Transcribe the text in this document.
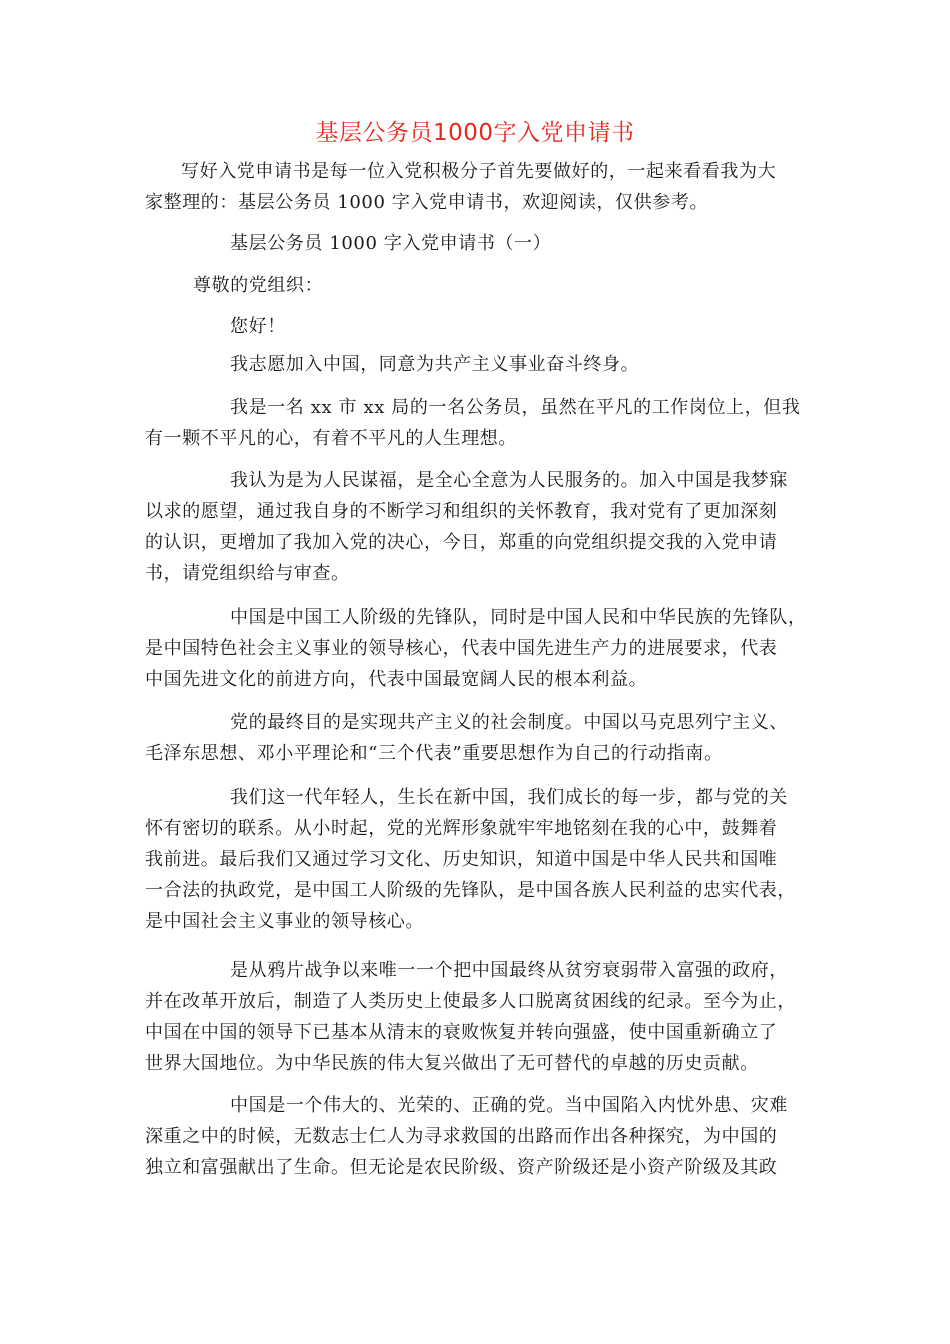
基层公务员1000字入党申请书
写好入党申请书是每一位入党积极分子首先要做好的，一起来看看我为大
家整理的：基层公务员 1000 字入党申请书，欢迎阅读，仅供参考。
基层公务员 1000 字入党申请书（一）
尊敬的党组织：
您好！
我志愿加入中国，同意为共产主义事业奋斗终身。
我是一名 xx 市 xx 局的一名公务员，虽然在平凡的工作岗位上，但我
有一颗不平凡的心，有着不平凡的人生理想。
我认为是为人民谋福，是全心全意为人民服务的。加入中国是我梦寐
以求的愿望，通过我自身的不断学习和组织的关怀教育，我对党有了更加深刻
的认识，更增加了我加入党的决心，今日，郑重的向党组织提交我的入党申请
书，请党组织给与审查。
中国是中国工人阶级的先锋队，同时是中国人民和中华民族的先锋队，
是中国特色社会主义事业的领导核心，代表中国先进生产力的进展要求，代表
中国先进文化的前进方向，代表中国最宽阔人民的根本利益。
党的最终目的是实现共产主义的社会制度。中国以马克思列宁主义、
毛泽东思想、邓小平理论和“三个代表”重要思想作为自己的行动指南。
我们这一代年轻人，生长在新中国，我们成长的每一步，都与党的关
怀有密切的联系。从小时起，党的光辉形象就牢牢地铭刻在我的心中，鼓舞着
我前进。最后我们又通过学习文化、历史知识，知道中国是中华人民共和国唯
一合法的执政党，是中国工人阶级的先锋队，是中国各族人民利益的忠实代表，
是中国社会主义事业的领导核心。
是从鸦片战争以来唯一一个把中国最终从贫穷衰弱带入富强的政府，
并在改革开放后，制造了人类历史上使最多人口脱离贫困线的纪录。至今为止，
中国在中国的领导下已基本从清末的衰败恢复并转向强盛，使中国重新确立了
世界大国地位。为中华民族的伟大复兴做出了无可替代的卓越的历史贡献。
中国是一个伟大的、光荣的、正确的党。当中国陷入内忧外患、灾难
深重之中的时候，无数志士仁人为寻求救国的出路而作出各种探究，为中国的
独立和富强献出了生命。但无论是农民阶级、资产阶级还是小资产阶级及其政
